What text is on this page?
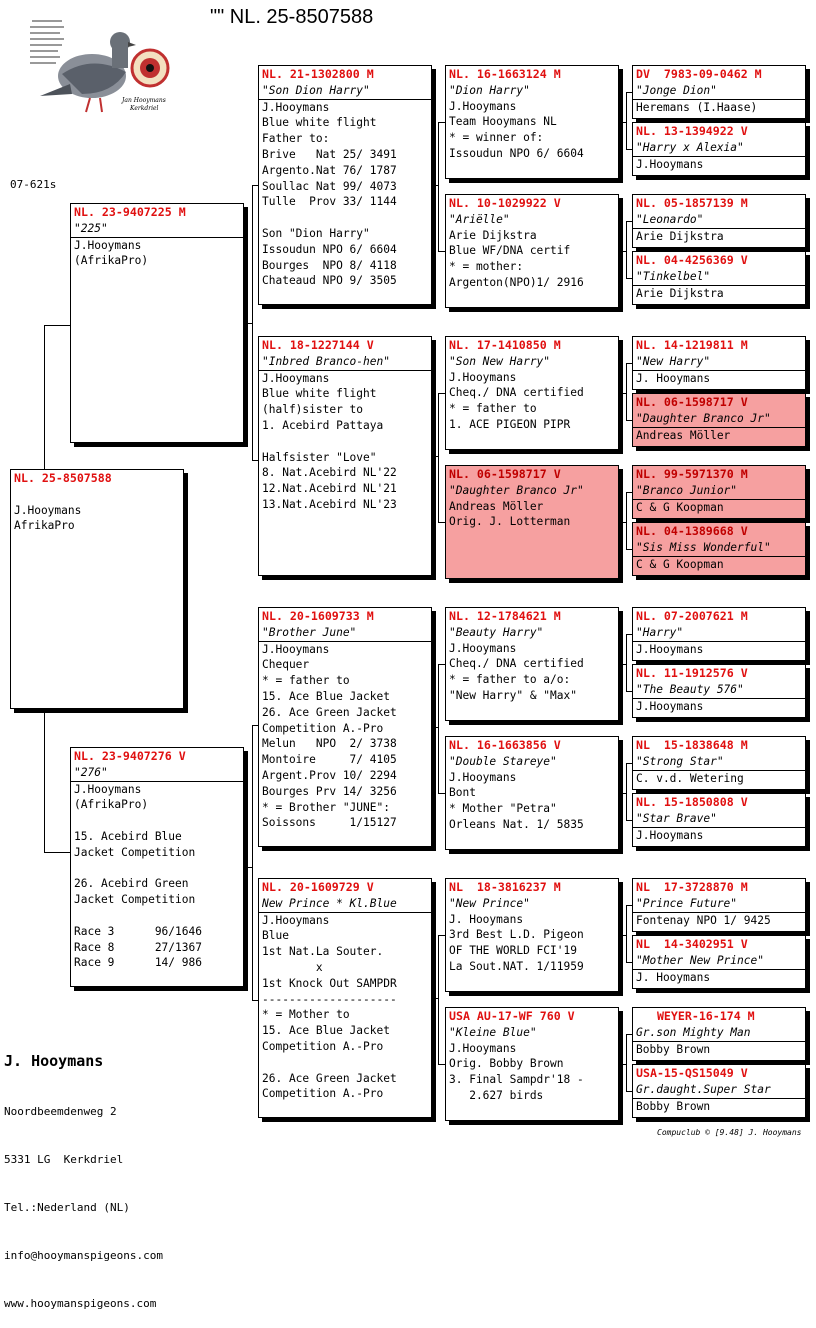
"" NL. 25-8507588
Jan Hooymans
Kerkdriel
07-621s
NL. 25-8507588
J.Hooymans
AfrikaPro
NL. 23-9407225 M
"225"
J.Hooymans
(AfrikaPro)
NL. 23-9407276 V
"276"
J.Hooymans
(AfrikaPro)
15. Acebird Blue
Jacket Competition
26. Acebird Green
Jacket Competition
Race 3      96/1646
Race 8      27/1367
Race 9      14/ 986
NL. 21-1302800 M
"Son Dion Harry"
J.Hooymans
Blue white flight
Father to:
Brive   Nat 25/ 3491
Argento.Nat 76/ 1787
Soullac Nat 99/ 4073
Tulle  Prov 33/ 1144
Son "Dion Harry"
Issoudun NPO 6/ 6604
Bourges  NPO 8/ 4118
Chateaud NPO 9/ 3505
NL. 18-1227144 V
"Inbred Branco-hen"
J.Hooymans
Blue white flight
(half)sister to
1. Acebird Pattaya
Halfsister "Love"
8. Nat.Acebird NL'22
12.Nat.Acebird NL'21
13.Nat.Acebird NL'23
NL. 20-1609733 M
"Brother June"
J.Hooymans
Chequer
* = father to
15. Ace Blue Jacket
26. Ace Green Jacket
Competition A.-Pro
Melun   NPO  2/ 3738
Montoire     7/ 4105
Argent.Prov 10/ 2294
Bourges Prv 14/ 3256
* = Brother "JUNE":
Soissons     1/15127
NL. 20-1609729 V
New Prince * Kl.Blue
J.Hooymans
Blue
1st Nat.La Souter.
x
1st Knock Out SAMPDR
--------------------
* = Mother to
15. Ace Blue Jacket
Competition A.-Pro
26. Ace Green Jacket
Competition A.-Pro
NL. 16-1663124 M
"Dion Harry"
J.Hooymans
Team Hooymans NL
* = winner of:
Issoudun NPO 6/ 6604
NL. 10-1029922 V
"Ariëlle"
Arie Dijkstra
Blue WF/DNA certif
* = mother:
Argenton(NPO)1/ 2916
NL. 17-1410850 M
"Son New Harry"
J.Hooymans
Cheq./ DNA certified
* = father to
1. ACE PIGEON PIPR
NL. 06-1598717 V
"Daughter Branco Jr"
Andreas Möller
Orig. J. Lotterman
NL. 12-1784621 M
"Beauty Harry"
J.Hooymans
Cheq./ DNA certified
* = father to a/o:
"New Harry" & "Max"
NL. 16-1663856 V
"Double Stareye"
J.Hooymans
Bont
* Mother "Petra"
Orleans Nat. 1/ 5835
NL  18-3816237 M
"New Prince"
J. Hooymans
3rd Best L.D. Pigeon
OF THE WORLD FCI'19
La Sout.NAT. 1/11959
USA AU-17-WF 760 V
"Kleine Blue"
J.Hooymans
Orig. Bobby Brown
3. Final Sampdr'18 -
2.627 birds
DV  7983-09-0462 M
"Jonge Dion"
Heremans (I.Haase)
NL. 13-1394922 V
"Harry x Alexia"
J.Hooymans
NL. 05-1857139 M
"Leonardo"
Arie Dijkstra
NL. 04-4256369 V
"Tinkelbel"
Arie Dijkstra
NL. 14-1219811 M
"New Harry"
J. Hooymans
NL. 06-1598717 V
"Daughter Branco Jr"
Andreas Möller
NL. 99-5971370 M
"Branco Junior"
C & G Koopman
NL. 04-1389668 V
"Sis Miss Wonderful"
C & G Koopman
NL. 07-2007621 M
"Harry"
J.Hooymans
NL. 11-1912576 V
"The Beauty 576"
J.Hooymans
NL  15-1838648 M
"Strong Star"
C. v.d. Wetering
NL. 15-1850808 V
"Star Brave"
J.Hooymans
NL  17-3728870 M
"Prince Future"
Fontenay NPO 1/ 9425
NL  14-3402951 V
"Mother New Prince"
J. Hooymans
WEYER-16-174 M
Gr.son Mighty Man
Bobby Brown
USA-15-QS15049 V
Gr.daught.Super Star
Bobby Brown

J. Hooymans

Noordbeemdenweg 2

5331 LG  Kerkdriel

Tel.:Nederland (NL)

info@hooymanspigeons.com

www.hooymanspigeons.com

Compuclub © [9.48] J. Hooymans
